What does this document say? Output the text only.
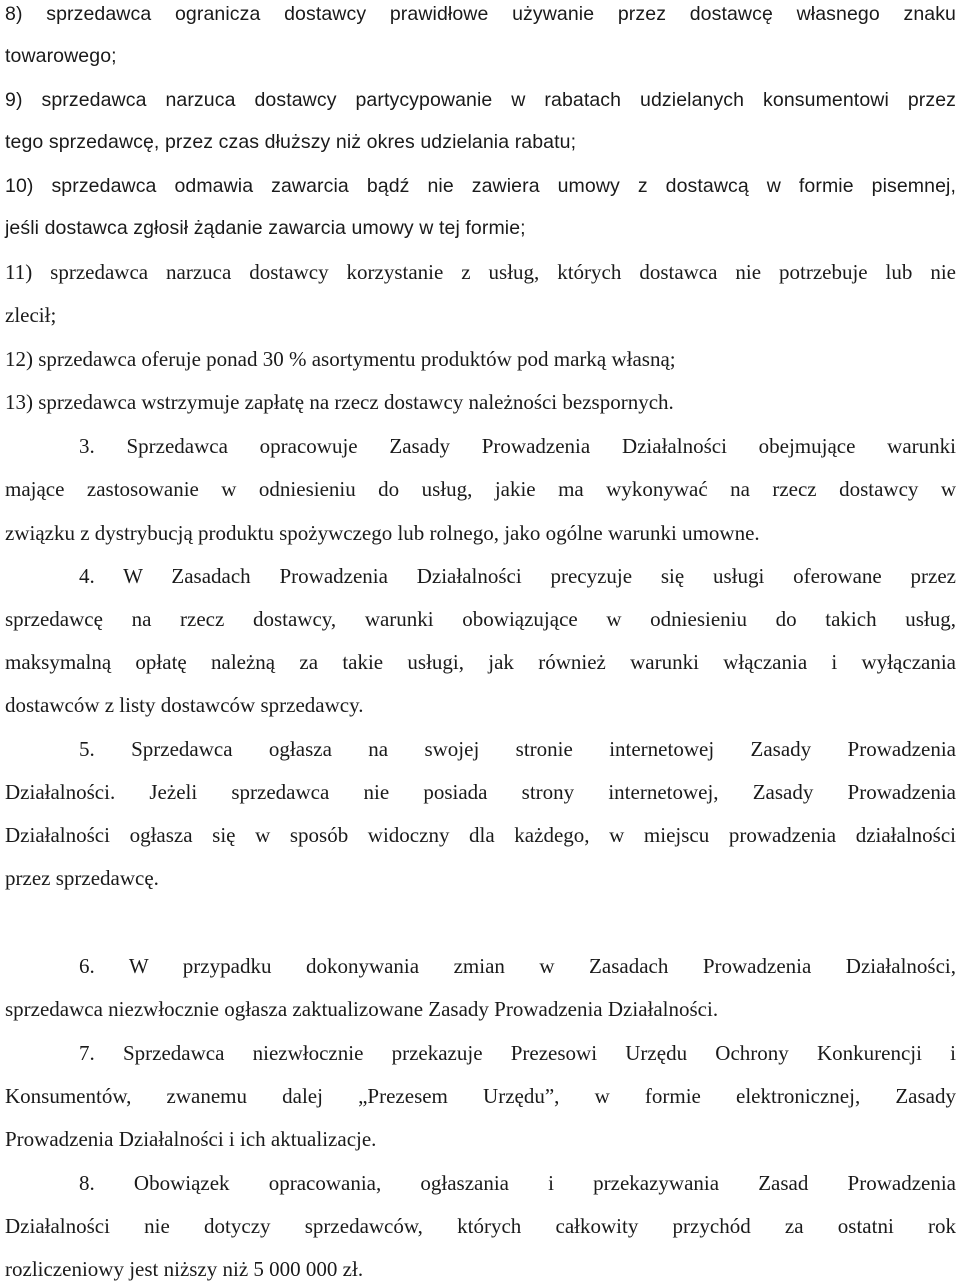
8) sprzedawca ogranicza dostawcy prawidłowe używanie przez dostawcę własnego znaku
towarowego;
9) sprzedawca narzuca dostawcy partycypowanie w rabatach udzielanych konsumentowi przez
tego sprzedawcę, przez czas dłuższy niż okres udzielania rabatu;
10) sprzedawca odmawia zawarcia bądź nie zawiera umowy z dostawcą w formie pisemnej,
jeśli dostawca zgłosił żądanie zawarcia umowy w tej formie;
11) sprzedawca narzuca dostawcy korzystanie z usług, których dostawca nie potrzebuje lub nie
zlecił;
12) sprzedawca oferuje ponad 30 % asortymentu produktów pod marką własną;
13) sprzedawca wstrzymuje zapłatę na rzecz dostawcy należności bezspornych.
3. Sprzedawca opracowuje Zasady Prowadzenia Działalności obejmujące warunki
mające zastosowanie w odniesieniu do usług, jakie ma wykonywać na rzecz dostawcy w
związku z dystrybucją produktu spożywczego lub rolnego, jako ogólne warunki umowne.
4. W Zasadach Prowadzenia Działalności precyzuje się usługi oferowane przez
sprzedawcę na rzecz dostawcy, warunki obowiązujące w odniesieniu do takich usług,
maksymalną opłatę należną za takie usługi, jak również warunki włączania i wyłączania
dostawców z listy dostawców sprzedawcy.
5. Sprzedawca ogłasza na swojej stronie internetowej Zasady Prowadzenia
Działalności. Jeżeli sprzedawca nie posiada strony internetowej, Zasady Prowadzenia
Działalności ogłasza się w sposób widoczny dla każdego, w miejscu prowadzenia działalności
przez sprzedawcę.
6. W przypadku dokonywania zmian w Zasadach Prowadzenia Działalności,
sprzedawca niezwłocznie ogłasza zaktualizowane Zasady Prowadzenia Działalności.
7. Sprzedawca niezwłocznie przekazuje Prezesowi Urzędu Ochrony Konkurencji i
Konsumentów, zwanemu dalej „Prezesem Urzędu”, w formie elektronicznej, Zasady
Prowadzenia Działalności i ich aktualizacje.
8. Obowiązek opracowania, ogłaszania i przekazywania Zasad Prowadzenia
Działalności nie dotyczy sprzedawców, których całkowity przychód za ostatni rok
rozliczeniowy jest niższy niż 5 000 000 zł.
